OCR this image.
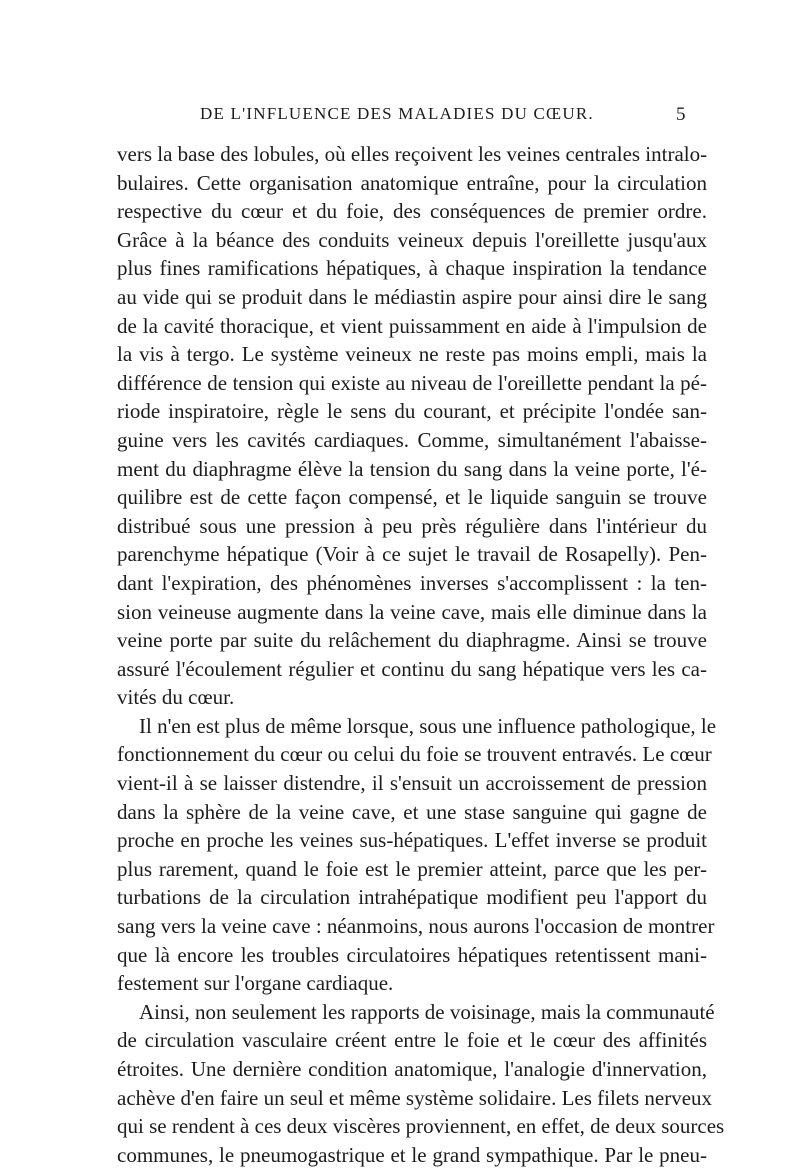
DE L'INFLUENCE DES MALADIES DU CŒUR.	5
vers la base des lobules, où elles reçoivent les veines centrales intralo-
bulaires. Cette organisation anatomique entraîne, pour la circulation
respective du cœur et du foie, des conséquences de premier ordre.
Grâce à la béance des conduits veineux depuis l'oreillette jusqu'aux
plus fines ramifications hépatiques, à chaque inspiration la tendance
au vide qui se produit dans le médiastin aspire pour ainsi dire le sang
de la cavité thoracique, et vient puissamment en aide à l'impulsion de
la vis à tergo. Le système veineux ne reste pas moins empli, mais la
différence de tension qui existe au niveau de l'oreillette pendant la pé-
riode inspiratoire, règle le sens du courant, et précipite l'ondée san-
guine vers les cavités cardiaques. Comme, simultanément l'abaisse-
ment du diaphragme élève la tension du sang dans la veine porte, l'é-
quilibre est de cette façon compensé, et le liquide sanguin se trouve
distribué sous une pression à peu près régulière dans l'intérieur du
parenchyme hépatique (Voir à ce sujet le travail de Rosapelly). Pen-
dant l'expiration, des phénomènes inverses s'accomplissent : la ten-
sion veineuse augmente dans la veine cave, mais elle diminue dans la
veine porte par suite du relâchement du diaphragme. Ainsi se trouve
assuré l'écoulement régulier et continu du sang hépatique vers les ca-
vités du cœur.
Il n'en est plus de même lorsque, sous une influence pathologique, le
fonctionnement du cœur ou celui du foie se trouvent entravés. Le cœur
vient-il à se laisser distendre, il s'ensuit un accroissement de pression
dans la sphère de la veine cave, et une stase sanguine qui gagne de
proche en proche les veines sus-hépatiques. L'effet inverse se produit
plus rarement, quand le foie est le premier atteint, parce que les per-
turbations de la circulation intrahépatique modifient peu l'apport du
sang vers la veine cave : néanmoins, nous aurons l'occasion de montrer
que là encore les troubles circulatoires hépatiques retentissent mani-
festement sur l'organe cardiaque.
Ainsi, non seulement les rapports de voisinage, mais la communauté
de circulation vasculaire créent entre le foie et le cœur des affinités
étroites. Une dernière condition anatomique, l'analogie d'innervation,
achève d'en faire un seul et même système solidaire. Les filets nerveux
qui se rendent à ces deux viscères proviennent, en effet, de deux sources
communes, le pneumogastrique et le grand sympathique. Par le pneu-
